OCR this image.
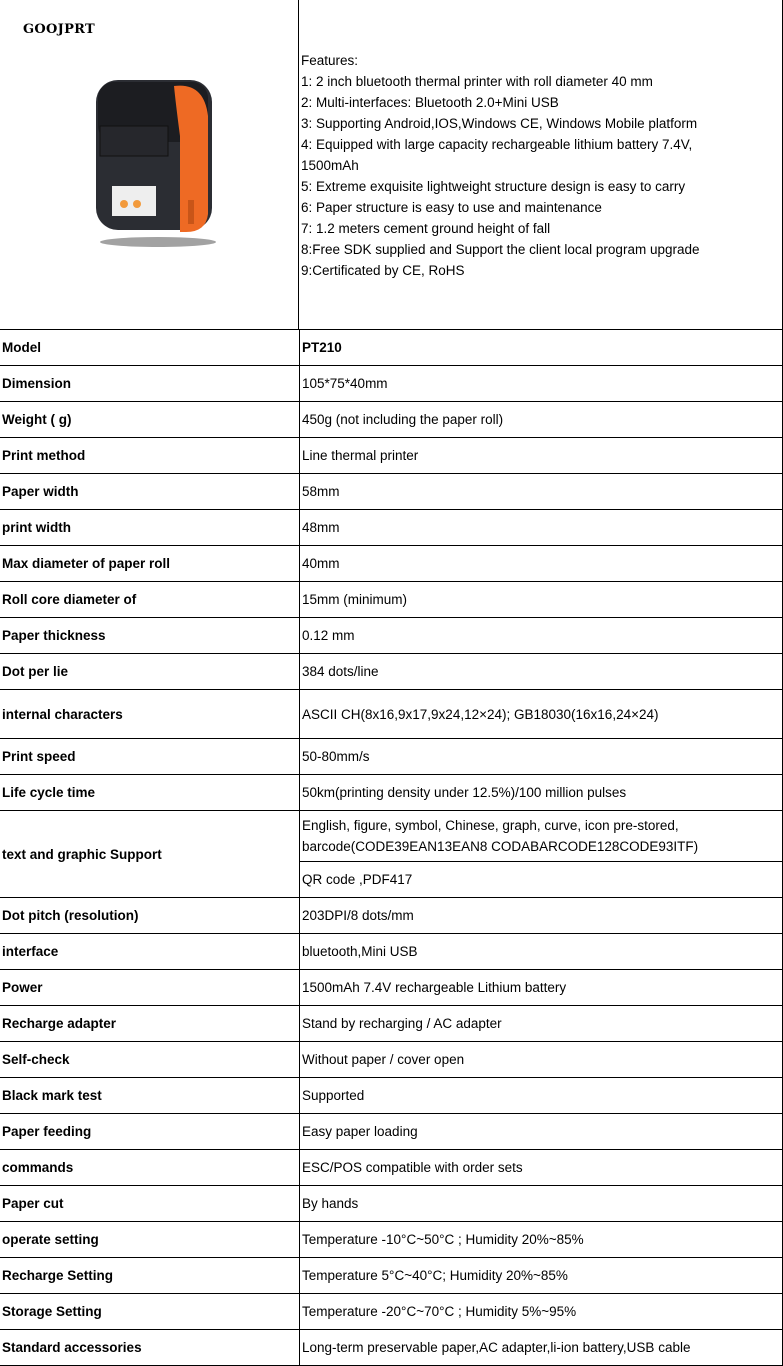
GOOJPRT
Features:
1: 2 inch bluetooth thermal printer with roll diameter 40 mm
2: Multi-interfaces: Bluetooth 2.0+Mini USB
3: Supporting Android,IOS,Windows CE, Windows Mobile platform
4: Equipped with large capacity rechargeable lithium battery 7.4V,
1500mAh
5: Extreme exquisite lightweight structure design is easy to carry
6: Paper structure is easy to use and maintenance
7: 1.2 meters cement ground height of fall
8:Free SDK supplied and Support the client local program upgrade
9:Certificated by CE, RoHS
Model	PT210
Dimension	105*75*40mm
Weight ( g)	450g (not including the paper roll)
Print method	Line thermal printer
Paper width	58mm
print width	48mm
Max diameter of paper roll	40mm
Roll core diameter of	15mm (minimum)
Paper thickness	0.12 mm
Dot per lie	384 dots/line
internal characters	ASCII CH(8x16,9x17,9x24,12×24); GB18030(16x16,24×24)
Print speed	50-80mm/s
Life cycle time	50km(printing density under 12.5%)/100 million pulses
text and graphic Support	English, figure, symbol, Chinese, graph, curve, icon pre-stored,
barcode(CODE39EAN13EAN8 CODABARCODE128CODE93ITF)

	QR code ,PDF417
Dot pitch (resolution)	203DPI/8 dots/mm
interface	bluetooth,Mini USB
Power	1500mAh 7.4V rechargeable Lithium battery
Recharge adapter	Stand by recharging / AC adapter
Self-check	Without paper / cover open
Black mark test	Supported
Paper feeding	Easy paper loading
commands	ESC/POS compatible with order sets
Paper cut	By hands
operate setting	Temperature -10°C~50°C ; Humidity 20%~85%
Recharge Setting	Temperature 5°C~40°C; Humidity 20%~85%
Storage Setting	Temperature -20°C~70°C ; Humidity 5%~95%
Standard accessories	Long-term preservable paper,AC adapter,li-ion battery,USB cable
